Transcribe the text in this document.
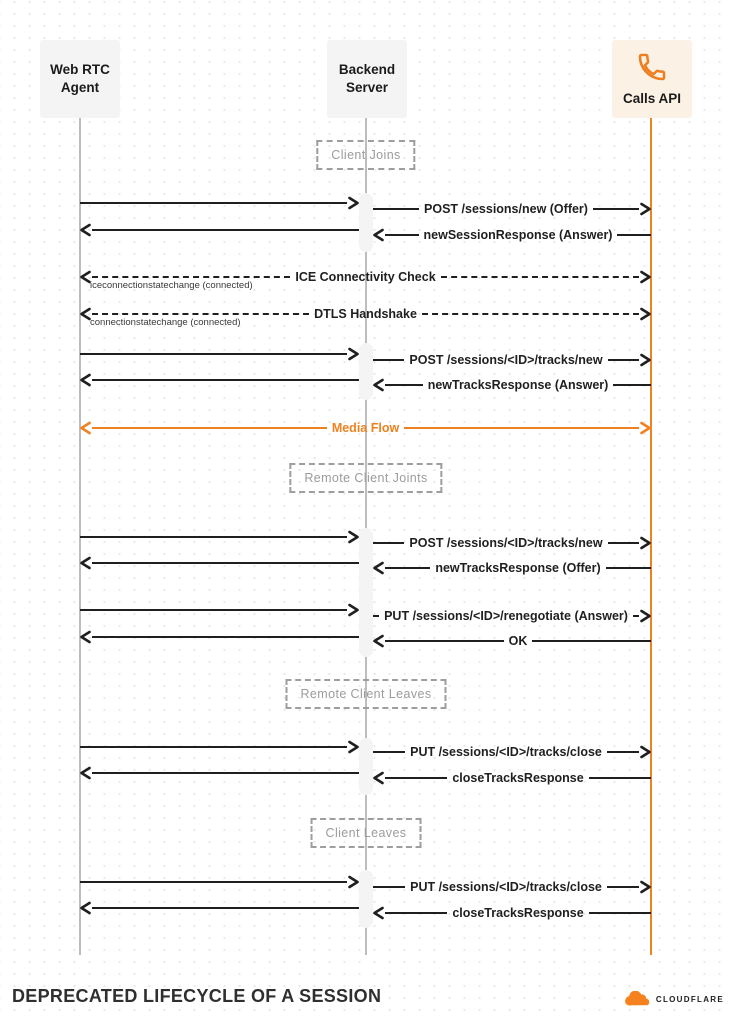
Web RTC
Agent
Backend
Server
Calls API
DEPRECATED LIFECYCLE OF A SESSION	CLOUDFLARE
POST /sessions/new (Offer)
newSessionResponse (Answer)
ICE Connectivity Check
iceconnectionstatechange (connected)
DTLS Handshake
connectionstatechange (connected)
POST /sessions/<ID>/tracks/new
newTracksResponse (Answer)
Media Flow
POST /sessions/<ID>/tracks/new
newTracksResponse (Offer)
PUT /sessions/<ID>/renegotiate (Answer)
OK
PUT /sessions/<ID>/tracks/close
closeTracksResponse
PUT /sessions/<ID>/tracks/close
closeTracksResponse
Client Joins
Remote Client Joints
Remote Client Leaves
Client Leaves
